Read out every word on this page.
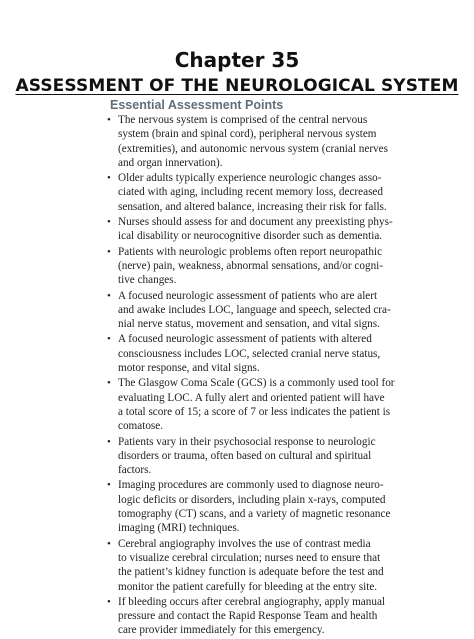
Chapter 35
ASSESSMENT OF THE NEUROLOGICAL SYSTEM
Essential Assessment Points
• The nervous system is comprised of the central nervous
system (brain and spinal cord), peripheral nervous system
(extremities), and autonomic nervous system (cranial nerves
and organ innervation).
• Older adults typically experience neurologic changes asso-
ciated with aging, including recent memory loss, decreased
sensation, and altered balance, increasing their risk for falls.
• Nurses should assess for and document any preexisting phys-
ical disability or neurocognitive disorder such as dementia.
• Patients with neurologic problems often report neuropathic
(nerve) pain, weakness, abnormal sensations, and/or cogni-
tive changes.
• A focused neurologic assessment of patients who are alert
and awake includes LOC, language and speech, selected cra-
nial nerve status, movement and sensation, and vital signs.
• A focused neurologic assessment of patients with altered
consciousness includes LOC, selected cranial nerve status,
motor response, and vital signs.
• The Glasgow Coma Scale (GCS) is a commonly used tool for
evaluating LOC. A fully alert and oriented patient will have
a total score of 15; a score of 7 or less indicates the patient is
comatose.
• Patients vary in their psychosocial response to neurologic
disorders or trauma, often based on cultural and spiritual
factors.
• Imaging procedures are commonly used to diagnose neuro-
logic deficits or disorders, including plain x-rays, computed
tomography (CT) scans, and a variety of magnetic resonance
imaging (MRI) techniques.
• Cerebral angiography involves the use of contrast media
to visualize cerebral circulation; nurses need to ensure that
the patient’s kidney function is adequate before the test and
monitor the patient carefully for bleeding at the entry site.
• If bleeding occurs after cerebral angiography, apply manual
pressure and contact the Rapid Response Team and health
care provider immediately for this emergency.
